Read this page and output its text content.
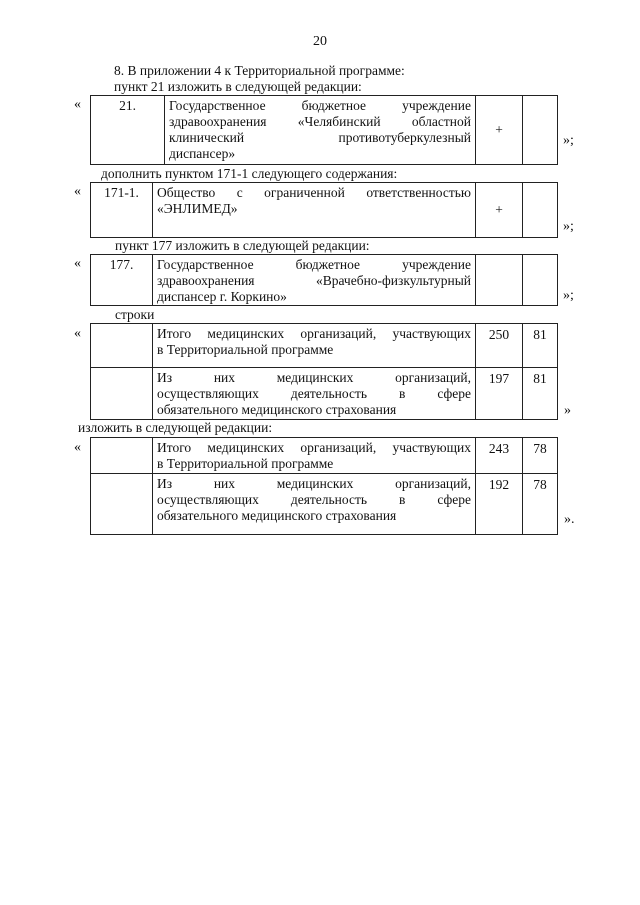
20
8. В приложении 4 к Территориальной программе:
пункт 21 изложить в следующей редакции:
«	21.	Государственное бюджетное учреждение
здравоохранения «Челябинский областной
клинический противотуберкулезный
диспансер»	+	
»;
дополнить пунктом 171-1 следующего содержания:
« 171-1.	Общество с ограниченной ответственностью
«ЭНЛИМЕД»	+	
»;
пункт 177 изложить в следующей редакции:
« 177.	Государственное бюджетное учреждение
здравоохранения «Врачебно-физкультурный
диспансер г. Коркино»			»;
строки
«

	Итого медицинских организаций, участвующих
в Территориальной программе	250	81

	Из них медицинских организаций,
осуществляющих деятельность в сфере
обязательного медицинского страхования	197	81
»
изложить в следующей редакции:
«

	Итого медицинских организаций, участвующих
в Территориальной программе	243	78

	Из них медицинских организаций,
осуществляющих деятельность в сфере
обязательного медицинского страхования	192	78
».
